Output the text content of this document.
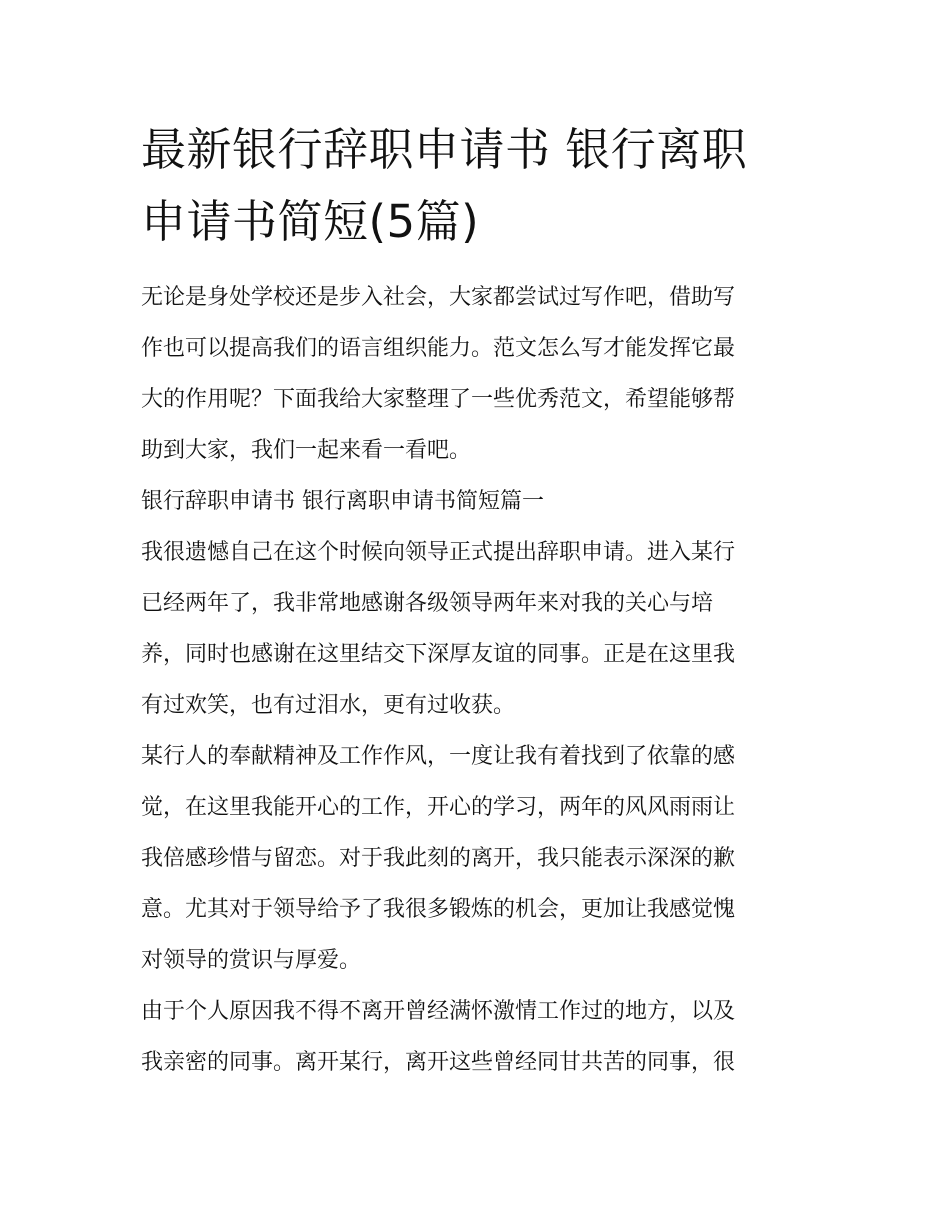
最新银行辞职申请书 银行离职
申请书简短(5篇)

无论是身处学校还是步入社会，大家都尝试过写作吧，借助写
作也可以提高我们的语言组织能力。范文怎么写才能发挥它最
大的作用呢？下面我给大家整理了一些优秀范文，希望能够帮
助到大家，我们一起来看一看吧。

银行辞职申请书 银行离职申请书简短篇一

我很遗憾自己在这个时候向领导正式提出辞职申请。进入某行
已经两年了，我非常地感谢各级领导两年来对我的关心与培
养，同时也感谢在这里结交下深厚友谊的同事。正是在这里我
有过欢笑，也有过泪水，更有过收获。

某行人的奉献精神及工作作风，一度让我有着找到了依靠的感
觉，在这里我能开心的工作，开心的学习，两年的风风雨雨让
我倍感珍惜与留恋。对于我此刻的离开，我只能表示深深的歉
意。尤其对于领导给予了我很多锻炼的机会，更加让我感觉愧
对领导的赏识与厚爱。

由于个人原因我不得不离开曾经满怀激情工作过的地方，以及
我亲密的同事。离开某行，离开这些曾经同甘共苦的同事，很
